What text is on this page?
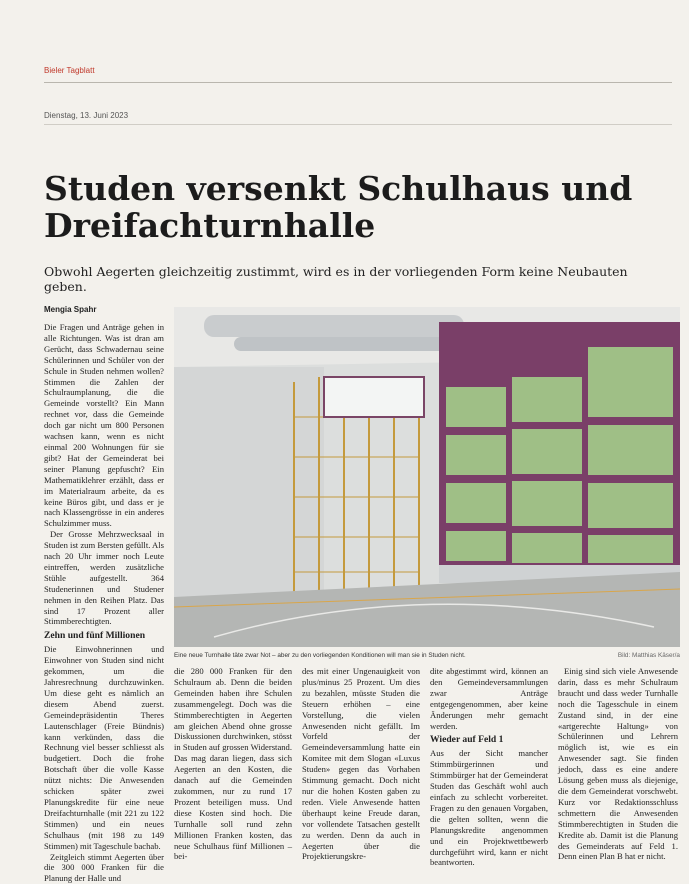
Bieler Tagblatt
Dienstag, 13. Juni 2023
Studen versenkt Schulhaus und Dreifachturnhalle
Obwohl Aegerten gleichzeitig zustimmt, wird es in der vorliegenden Form keine Neubauten geben.
Mengia Spahr

Die Fragen und Anträge gehen in alle Richtungen. Was ist dran am Gerücht, dass Schwadernau seine Schülerinnen und Schüler von der Schule in Studen nehmen wollen? Stimmen die Zahlen der Schulraumplanung, die die Gemeinde vorstellt? Ein Mann rechnet vor, dass die Gemeinde doch gar nicht um 800 Personen wachsen kann, wenn es nicht einmal 200 Wohnungen für sie gibt? Hat der Gemeinderat bei seiner Planung gepfuscht? Ein Mathematiklehrer erzählt, dass er im Materialraum arbeite, da es keine Büros gibt, und dass er je nach Klassengrösse in ein anderes Schulzimmer muss.

Der Grosse Mehrzwecksaal in Studen ist zum Bersten gefüllt. Als nach 20 Uhr immer noch Leute eintreffen, werden zusätzliche Stühle aufgestellt. 364 Studenerinnen und Studener nehmen in den Reihen Platz. Das sind 17 Prozent aller Stimmberechtigten.

Zehn und fünf Millionen

Die Einwohnerinnen und Einwohner von Studen sind nicht gekommen, um die Jahresrechnung durchzuwinken. Um diese geht es nämlich an diesem Abend zuerst. Gemeindepräsidentin Theres Lautenschlager (Freie Bündnis) kann verkünden, dass die Rechnung viel besser schliesst als budgetiert. Doch die frohe Botschaft über die volle Kasse nützt nichts: Die Anwesenden schicken später zwei Planungskredite für eine neue Dreifachturnhalle (mit 221 zu 122 Stimmen) und ein neues Schulhaus (mit 198 zu 149 Stimmen) mit Tageschule bachab.

Zeitgleich stimmt Aegerten über die 300 000 Franken für die Planung der Halle und

Eine neue Turnhalle täte zwar Not – aber zu den vorliegenden Konditionen will man sie in Studen nicht.	Bild: Matthias Käser/a

die 280 000 Franken für den Schulraum ab. Denn die beiden Gemeinden haben ihre Schulen zusammengelegt. Doch was die Stimmberechtigten in Aegerten am gleichen Abend ohne grosse Diskussionen durchwinken, stösst in Studen auf grossen Widerstand. Das mag daran liegen, dass sich Aegerten an den Kosten, die danach auf die Gemeinden zukommen, nur zu rund 17 Prozent beteiligen muss. Und diese Kosten sind hoch. Die Turnhalle soll rund zehn Millionen Franken kosten, das neue Schulhaus fünf Millionen – bei-

des mit einer Ungenauigkeit von plus/minus 25 Prozent. Um dies zu bezahlen, müsste Studen die Steuern erhöhen – eine Vorstellung, die vielen Anwesenden nicht gefällt. Im Vorfeld der Gemeindeversammlung hatte ein Komitee mit dem Slogan «Luxus Studen» gegen das Vorhaben Stimmung gemacht. Doch nicht nur die hohen Kosten gaben zu reden. Viele Anwesende hatten überhaupt keine Freude daran, vor vollendete Tatsachen gestellt zu werden. Denn da auch in Aegerten über die Projektierungskre-

dite abgestimmt wird, können an den Gemeindeversammlungen zwar Anträge entgegengenommen, aber keine Änderungen mehr gemacht werden.

Wieder auf Feld 1

Aus der Sicht mancher Stimmbürgerinnen und Stimmbürger hat der Gemeinderat Studen das Geschäft wohl auch einfach zu schlecht vorbereitet. Fragen zu den genauen Vorgaben, die gelten sollten, wenn die Planungskredite angenommen und ein Projektwettbewerb durchgeführt wird, kann er nicht beantworten.

Einig sind sich viele Anwesende darin, dass es mehr Schulraum braucht und dass weder Turnhalle noch die Tagesschule in einem Zustand sind, in der eine «artgerechte Haltung» von Schülerinnen und Lehrern möglich ist, wie es ein Anwesender sagt. Sie finden jedoch, dass es eine andere Lösung geben muss als diejenige, die dem Gemeinderat vorschwebt. Kurz vor Redaktionsschluss schmettern die Anwesenden Stimmberechtigten in Studen die Kredite ab. Damit ist die Planung des Gemeinderats auf Feld 1. Denn einen Plan B hat er nicht.
